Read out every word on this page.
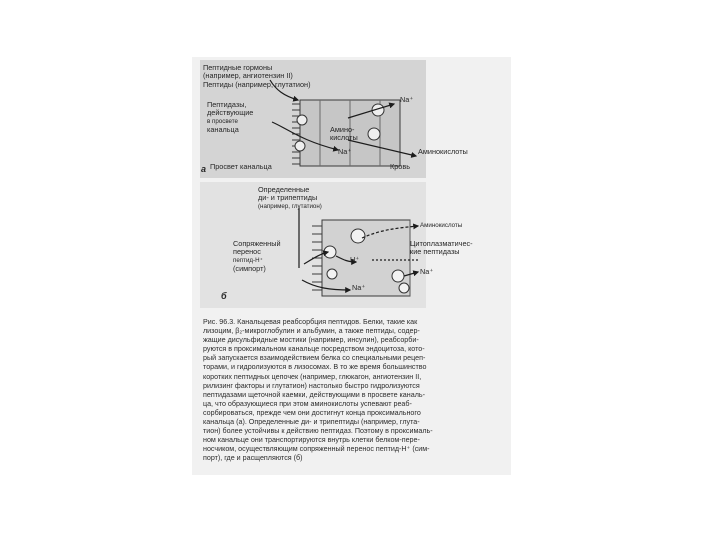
Пептидные гормоны
(например, ангиотензин II)
Пептиды (например, глутатион)
Пептидазы,
действующие
в просвете
канальца
Na⁺
Амино-
кислоты
Na⁺	Аминокислоты
а Просвет канальца	Кровь
Определенные
ди- и трипептиды
(например, глутатион)
Сопряженный
перенос
пептид-H⁺
(симпорт)
H⁺
Аминокислоты
Цитоплазматичес-
кие пептидазы
Na⁺
Na⁺
б
Рис. 96.3. Канальцевая реабсорбция пептидов. Белки, такие как
лизоцим, β₂-микроглобулин и альбумин, а также пептиды, содер-
жащие дисульфидные мостики (например, инсулин), реабсорби-
руются в проксимальном канальце посредством эндоцитоза, кото-
рый запускается взаимодействием белка со специальными рецеп-
торами, и гидролизуются в лизосомах. В то же время большинство
коротких пептидных цепочек (например, глюкагон, ангиотензин II,
рилизинг факторы и глутатион) настолько быстро гидролизуются
пептидазами щеточной каемки, действующими в просвете каналь-
ца, что образующиеся при этом аминокислоты успевают реаб-
сорбироваться, прежде чем они достигнут конца проксимального
канальца (а). Определенные ди- и трипептиды (например, глута-
тион) более устойчивы к действию пептидаз. Поэтому в проксималь-
ном канальце они транспортируются внутрь клетки белком-пере-
носчиком, осуществляющим сопряженный перенос пептид-H⁺ (сим-
порт), где и расщепляются (б)
